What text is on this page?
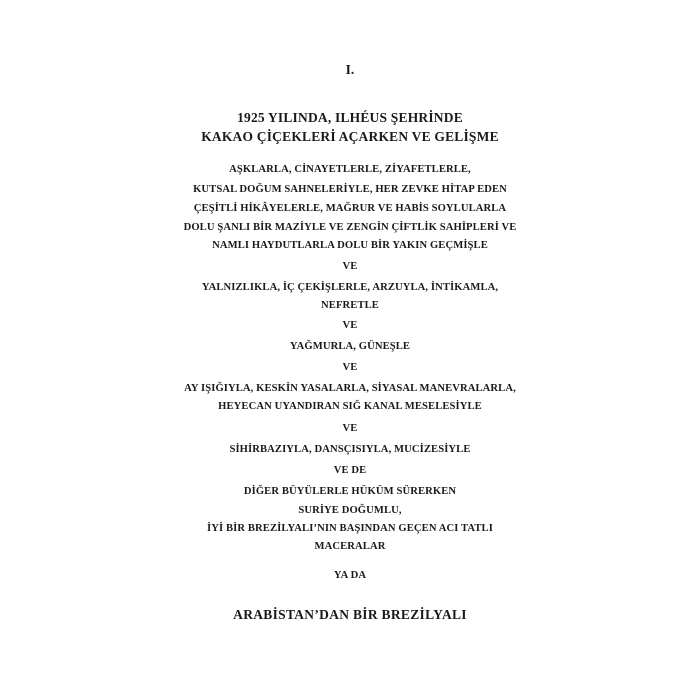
I.
1925 YILINDA, ILHÉUS ŞEHRİNDE
KAKAO ÇİÇEKLERİ AÇARKEN VE GELİŞME
AŞKLARLA, CİNAYETLERLE, ZİYAFETLERLE,
KUTSAL DOĞUM SAHNELERİYLE, HER ZEVKE HİTAP EDEN
ÇEŞİTLİ HİKÂYELERLE, MAĞRUR VE HABİS SOYLULARLA
DOLU ŞANLI BİR MAZİYLE VE ZENGİN ÇİFTLİK SAHİPLERİ VE
NAMLI HAYDUTLARLA DOLU BİR YAKIN GEÇMİŞLE
VE
YALNIZLIKLA, İÇ ÇEKİŞLERLE, ARZUYLA, İNTİKAMLA,
NEFRETLE
VE
YAĞMURLA, GÜNEŞLE
VE
AY IŞIĞIYLA, KESKİN YASALARLA, SİYASAL MANEVRALARLA,
HEYECAN UYANDIRAN SIĞ KANAL MESELESİYLE
VE
SİHİRBAZIYLA, DANSÇISIYLA, MUCİZESİYLE
VE DE
DİĞER BÜYÜLERLE HÜKÜM SÜRERKEN
SURİYE DOĞUMLU,
İYİ BİR BREZİLYALI’NIN BAŞINDAN GEÇEN ACI TATLI
MACERALAR
YA DA
ARABİSTAN’DAN BİR BREZİLYALI
